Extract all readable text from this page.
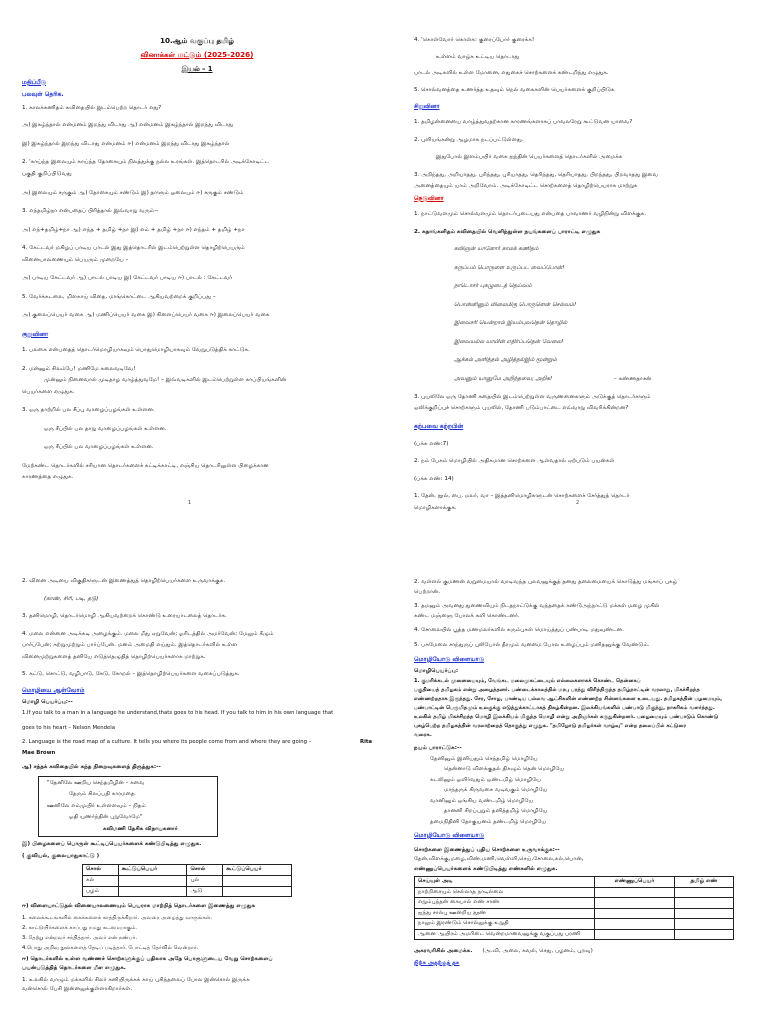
10.ஆம் வகுப்பு தமிழ்
வினாக்கள் மட்டும் (2025-2026)
இயல் – 1
மதிப்பீடு
பலவுள் தெரிக.
1. காலக்கணிதம் கவிதையில் இடம்பெற்ற தொடர் எது?
அ) இகழ்ந்தால் என்மனம் இறந்து விடாது ஆ) என்மனம் இகழ்ந்தால் இறந்து விடாது
இ) இகழ்ந்தால் இறந்து விடாது என்மனம் ஈ) என்மனம் இறந்து விடாது இகழ்ந்தால்
2. 'காய்ந்த இலையும் காய்ந்த தோகையும் நிலத்துக்கு நல்ல உரங்கள். இத்தொடரில் அடிக்கோடிட்ட
பகுதி குறிப்பிடுவது
அ) இலையும் சருகும் ஆ) தோகையும் சண்டும் இ) தாளும் ஓலையும் ஈ) சருகும் சண்டும்
3. எந்தமிழ்நா என்பதைப் பிரித்தால் இவ்வாறு வரும்--
அ) எந்+தமிழ்+நா ஆ) எந்த + தமிழ் +நா இ) எம் + தமிழ் +நா ஈ) எந்தம் + தமிழ் +நா
4. கேட்டவர் மகிழப் பாடிய பாடல் இது இத்தொடரில் இடம்பெற்றுள்ள தொழிற்பெயரும்
வினையாலணையும் பெயரும் முறையே –
அ) பாடிய கேட்டவர் ஆ) பாடல் பாடிய இ) கேட்டவர் பாடிய ஈ) பாடல் : கேட்டவர்
5. வேர்க்கடலை, மிளகாய் விதை, மாங்கொட்டை ஆகியவற்றைக் குறிப்பது –
அ) குலைப்பெயர் வகை ஆ) மணிப்பெயர் வகை இ) கிளைப்பெயர் வகை ஈ) இலைப்பெயர் வகை
குறுவினா
1. பலகை என்பதைத் தொடர்மொழியாகவும் பொதுமொழியாகவும் வேறுபடுத்திக் காட்டுக.
2. மன்னும் சிலம்பே! மணிமே கலைவடிவே!
முன்னும் நினைவால் முடிதாழ வாழ்த்துவமே! – இவ்வடிகளில் இடம்பெற்றுள்ள காப்பியங்களின்
பெயர்களை எழுதுக.
3. ஒரு தாற்றில் பல சீப்பு வாழைப்பழங்கள் உள்ளன.
ஒரு சீப்பில் பல தாறு வாழைப்பழங்கள் உள்ளன.
ஒரு சீப்பில் பல வாழைப்பழங்கள் உள்ளன.
மேற்கண்ட தொடர்களில் சரியான தொடர்களைச் சுட்டிக்காட்டி, எஞ்சிய தொடரிலுள்ள பிழைக்கான
காரணத்தை எழுதுக.
1
4. 'கொள்வோர் கொள்க: குரைப்போர் குரைக்க!
உள்ளம் வாழ்க உட்டிய தொடாது
பாடல் அடிகளில் உள்ள மோனை, எதுகைச் சொற்களைக் கண்டறிந்து எழுதுக.
5. சொல்வனத்தை உணர்த்த உதவும் நெல் வகைகளின் பெயர்களைக் குறிப்பிடுக
சிறுவினா
1. தமிழன்னையை வாழ்த்துவதற்கான காரணங்களாகப் பாவலரேறு கூட்டுவன யாவை?
2. புளியங்கன்று ஆழமாக நடப்பட்டுள்ளது.
இதுபோல் இளம்பயிர் வகை ஐந்தின் பெயர்களைத் தொடர்களில் அமைக்க
3. அறிந்தது, அறியாதது, புரிந்தது, புரியாதது, தெரிந்தது, தெரியாதது, பிறந்தது, பிறவாதது இவை
அனைத்தையும் யாம் அறிவோம். அடிக்கோடிட்ட சொற்களைத் தொழிற்பெயராக மாற்றுக
நெடுவினா
1. நாட்டுவளமும் சொல்வளமும் தொடர்புடையது என்பதை பாவாணர் வழிநின்று விளக்குக.
2. சுதாங்களிதம் கவிதையில் வெளிந்துள்ள நயங்களைப் பாராட்டி எழுதுக
கவிஞன் யானோர் காலக் கணிதம்
கருப்பம் பொருளை உருப்பட வைப்போன்!
நாடொசர் புகழுடைத் தெய்வம்
பொன்னினும் விலைமிகு பொருளென் செல்வம்!
இவைசரி யென்றால் இயம்புவதென் தொழில்
இவையல்ல யாயின் எதிர்ப்பதென் வேலை!
ஆக்கல் அளித்தல் அழித்தல்இம் மூன்றும்
அவனும் யானுமே அறிந்தவை; அறிக!	– கண்ணதாசன்
3. புயலிலே ஒரு தோணி கதையில் இடம்பெற்றுள்ள வருணனைகளும் அடுக்குத் தொடர்களும்
ஒலிக்குறிப்புச் சொற்களும் புயலில், தோணி படும்பாட்டை எவ்வாறு விவரிக்கின்றன?
கற்பவை கற்றபின்
(பக்க எண்:7)
2. நம் பேசும் மொழியில் அதிகமான சொற்களை ஆள்வதால் ஏற்படும் பயன்கள்
(பக்க எண்: 14)
1. தேன், நூல், பை, மலர், வா – இத்தனிமொழிகளுடன் சொற்களைச் சேர்த்துத் தொடர்
மொழிகளாக்குக.
2
2. வினை அடியை விகுதிகளுடன் இணைத்துத் தொழிற்பெயர்களை உருவாக்குக.
(காண், சிரி, படி, தடு)
3. தனிமொழி, தொடர்மொழி ஆகியவற்றைக் கொண்டு உரையாடலைத் தொடர்க.
4. மலை என்னை அடிக்கடி அழைக்கும். மலை மீது ஏறுவேன்; ஓரிடத்தில் அமர்வேன்; மேலும் கீழும்
பார்ப்பேன்; சுற்றுமுற்றும் பார்ப்பேன். மனம் அமைதி எய்தும். இத்தொடர்களில் உள்ள
வினைமுற்றுகளைத் தனியே எடுத்தெழுதித் தொழிற்பெயர்களாக மாற்றுக.
5. கட்டு, சொட்டு, வழிபாடு, கேடு, கோறல் – இத்தொழிற்பெயர்களை வகைப்படுத்துக.
மொழியை ஆள்வோம்
மொழி பெயர்ப்பு:--
1.If you talk to a man in a language he understand,thats goes to his head. If you talk to him in his own language that
goes to his heart – Nelson Mendela
2. Language is the road map of a culture. It tells you where its people come from and where they are going –	Rita
Mae Brown
ஆ) சந்தக் கவிதையில் சுந்த நிறைவுகளைத் திருத்துக:--
"தேனிலே ஊறிய செந்தமிழின் – சுவை
தேரும் சிலப்பதி காரமதை
ஊனிலே எம்முயிர் உள்ளளவும் – நிதம்
ஓதி யுணர்ந்தின் புறுவோமே"
கவிமணி தேசிக விநாயகனார்
இ) பிழைகளைப் பொருள் கூட்டிப்பெயர்களைக் கண்டுபிடித்து எழுதுக.
( குவியல், குலையாதுகாட்டு )
சொல்	கூட்டுப்பெயர்	சொல்	கூட்டுப்பெயர்
கல்		புல்	
பழம்		ஆடு	
ஈ) விளையாட்டுதல் வினையாலணையும் பெயராக மாற்றித் தொடர்களை இணைத்து எழுதுக
1. கலைக்கூடங்களில் கைக்களைக் காத்திருக்கிறார். அவரை அழைத்து வாருங்கள்.
2. காட்டுயிர்களைக் காப்பது நமது கடமையாகும்.
3. தேற்று என்றவர் சந்தித்தார். அவர் என் நண்பர்.
4.பொது அறிவு நூல்களைத் தேடிப் படித்தார். போட்டித் தேர்வில் வென்றார்.
ஈ) தொடர்களில் உள்ள வண்ணச் சொற்களுக்குப் பதிலாக அதே பொருளுடைய வேறு சொற்களைப்
பயன்படுத்தித் தொடர்களை மீள எழுதுக.
1. உலகில் வாழும் மக்களில் சிலர் கனியிருக்கக் காய் புசிந்தலைப் போல இன்சொல் இருக்க
வன்சொல் பேசி இன்னலுக்குள்ளாகிறார்கள்.
2. வள்ளல் குமணன் வறுமையால் வாடிவந்த புலவனுக்குத் தனது தலைமையைக் கொடுத்து மங்காப் புகழ்
பெற்றான்.
3. தமனும் அவனது துணைவியும் நிடதநாட்டுக்கு வந்ததைக் கண்டுஅந்நாட்டு மக்கள் மழை முகில்
கண்ட மஞ்ஞை போலக் களி கொண்டனர்.
4. சோலையில் பூத்த மணமலர்களில் சுரும்புகள் மொய்த்துப் பண்பாடி மதுவுண்டன.
5. பசுமேலை சாந்துருப் புலிபோல் தீரமும் வனமை போல உழைப்பும் மனிதனுக்கு வேண்டும்.
மொழியோடு விளையாடு
மொழிபெயர்ப்பு:
1. குமரிக்கடல் முனையையும், வேங்கட மலைமுகட்டையும் எல்லைகளாகக் கொண்ட தென்னகப்
பகுதியைத் தமிழகம் என்று அழைத்தனர். பண்டைக்காலத்தில் மரபு பரந்து விரிந்திருந்த தமிழ்நாட்டின் வரலாறு, மிகச்சிறந்த
எண்ணற்றதாக இருந்தது. சேர, சோழ, பாண்டிய பல்லவ ஆட்சிகளின் எண்ணற்ற சின்னங்களை உடையது. தமிழகத்தின் பழமையும்,
பண்பாட்டின் பெருமிதமும் உலகுக்கு எடுத்துக்காட்டாகத் திகழ்கின்றன. இலக்கியங்களில் பண்பாடு மிகுந்து, நாகரிகம் வளர்ந்தது.
உலகில் தமிழ் மிகச்சிறந்த மொழி இலக்கியம் மிகுந்த மொழி என்று அறிஞர்கள் கருதுகின்றனர். பழைமையும் பண்பாடும் கொண்டு
புகழ்பெற்ற தமிழகத்தின் வரலாற்றைத் தொகுத்து எழுதுக. "தமிழோடு தமிழர்கள் வாழ்வு" என்ற தலைப்பில் கட்டுரை
வரைக.
நயம் பாராட்டுக:--
தேனினும் இனியதும் செந்தமிழ் மொழியே
தென்னாடு விளக்குதல் திகழும் தென் மொழியே
கடலினும் ஓளிர்வதும் ஒண்டமிழ் மொழியே
மாந்தருக் கிருவகை வடிவகும் மொழியே
வானினும் ஒங்கிய வண்டமிழ் மொழியே
தானனி சிறப்புறும் தனித்தமிழ் மொழியே
தமைநிதினி தோகுயனம் தண்டமிழ் மொழியே
மொழியோடு விளையாடு
சொற்களை இணைத்துப் புதிய சொற்களை உருவாக்குக:--
தேன்,விளக்கு,மழை,விண்,மணி,வெள்ளி,செய்,சோலை,கல்,பொன்,
எண்ணுப்பெயர்களைக் கண்டுபிடித்து எண்களில் எழுதுக.
செய்யுள் அடி	எண்ணுப்பெயர்	தமிழ் எண்
நாற்றிசையும் செல்லாத நாடில்லை		
எறும்புந்தன் கையால் எண் சாண்		
ஐந்து சால்பு ஊன்றிய தூண்		
நாலும் இரண்டும் சொல்லுக்கு உறுதி		
ஆனை ஆயிரம் அமரிடை வென்றமானவனுக்கு வகுப்பது பரணி		
அகரவரிசில் அமைக்க. (அ.வி, அலை, கவல், செது, பழனம், புறவு)
நிற்க அதற்குத் தக
